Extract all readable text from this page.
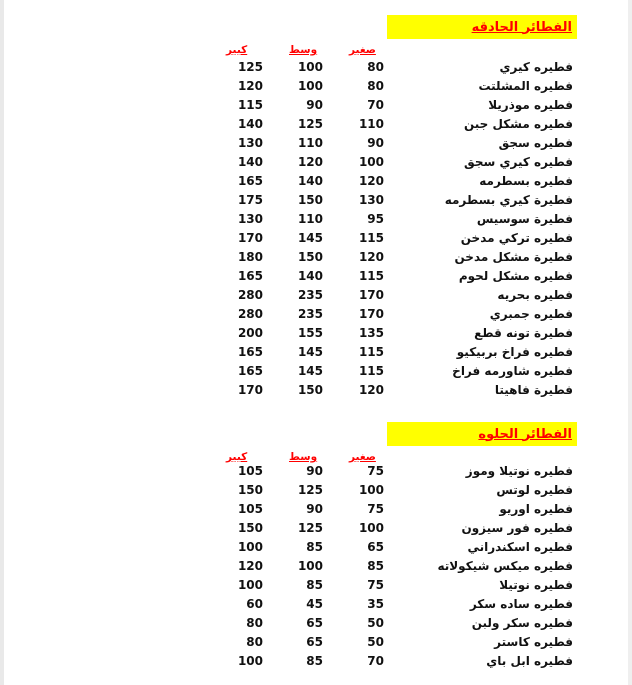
الفطائر الحادقه
صغير
وسط
كبير
فطيره كيري
125	100	80
فطيره المشلتت
120	100	80
فطيره موذريلا
115	90	70
فطيره مشكل جبن
140	125	110
فطيره سجق
130	110	90
فطيره كيري سجق
140	120	100
فطيره بسطرمه
165	140	120
فطيرة كيري بسطرمه
175	150	130
فطيرة سوسيس
130	110	95
فطيره تركي مدخن
170	145	115
فطيرة مشكل مدخن
180	150	120
فطيره مشكل لحوم
165	140	115
فطيره بحريه
280	235	170
فطيره جمبري
280	235	170
فطيرة تونه قطع
200	155	135
فطيره فراخ بربيكيو
165	145	115
فطيره شاورمه فراخ
165	145	115
فطيرة فاهيتا
170	150	120
الفطائر الحلوه
صغير
وسط
كبير
فطيره نوتيلا وموز
105	90	75
فطيره لوتس
150	125	100
فطيره اوريو
105	90	75
فطيره فور سيزون
150	125	100
فطيره اسكندراني
100	85	65
فطيره ميكس شيكولاته
120	100	85
فطيره نوتيلا
100	85	75
فطيره ساده سكر
60	45	35
فطيره سكر ولبن
80	65	50
فطيره كاستر
80	65	50
فطيره ابل باي
100	85	70
